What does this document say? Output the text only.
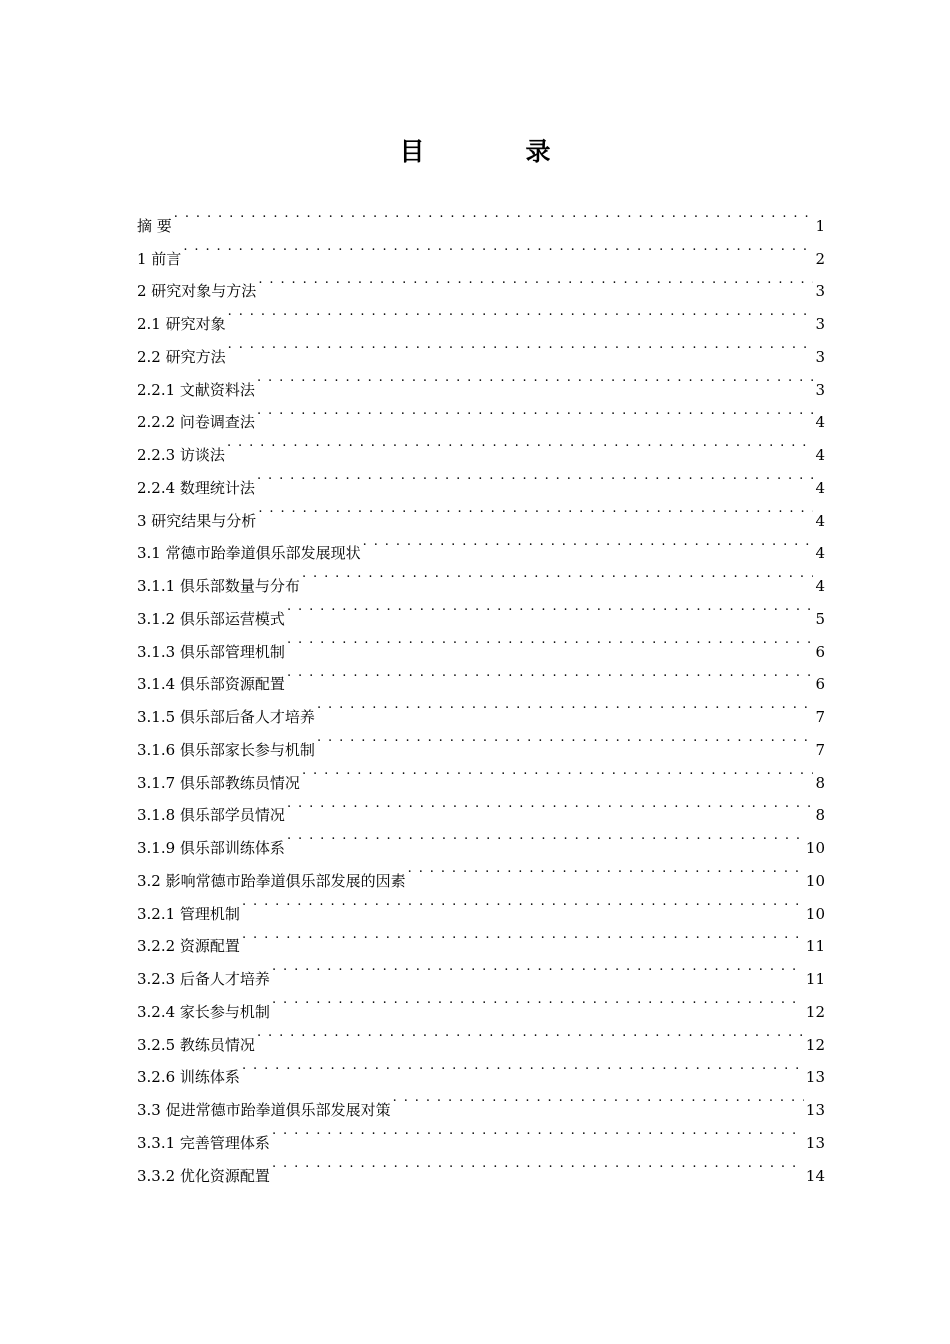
目　录
摘 要 . . .	1
1 前言 . . .	2
2 研究对象与方法 . . .	3
2.1 研究对象 . . .	3
2.2 研究方法 . . .	3
2.2.1 文献资料法 . . .	3
2.2.2 问卷调查法 . . .	4
2.2.3 访谈法 . . .	4
2.2.4 数理统计法 . . .	4
3 研究结果与分析 . . .	4
3.1 常德市跆拳道俱乐部发展现状 . . .	4
3.1.1 俱乐部数量与分布 . . .	4
3.1.2 俱乐部运营模式 . . .	5
3.1.3 俱乐部管理机制 . . .	6
3.1.4 俱乐部资源配置 . . .	6
3.1.5 俱乐部后备人才培养 . . .	7
3.1.6 俱乐部家长参与机制 . . .	7
3.1.7 俱乐部教练员情况 . . .	8
3.1.8 俱乐部学员情况 . . .	8
3.1.9 俱乐部训练体系 . . .	10
3.2 影响常德市跆拳道俱乐部发展的因素 . . .	10
3.2.1 管理机制 . . .	10
3.2.2 资源配置 . . .	11
3.2.3 后备人才培养 . . .	11
3.2.4 家长参与机制 . . .	12
3.2.5 教练员情况 . . .	12
3.2.6 训练体系 . . .	13
3.3 促进常德市跆拳道俱乐部发展对策 . . .	13
3.3.1 完善管理体系 . . .	13
3.3.2 优化资源配置 . . .	14
